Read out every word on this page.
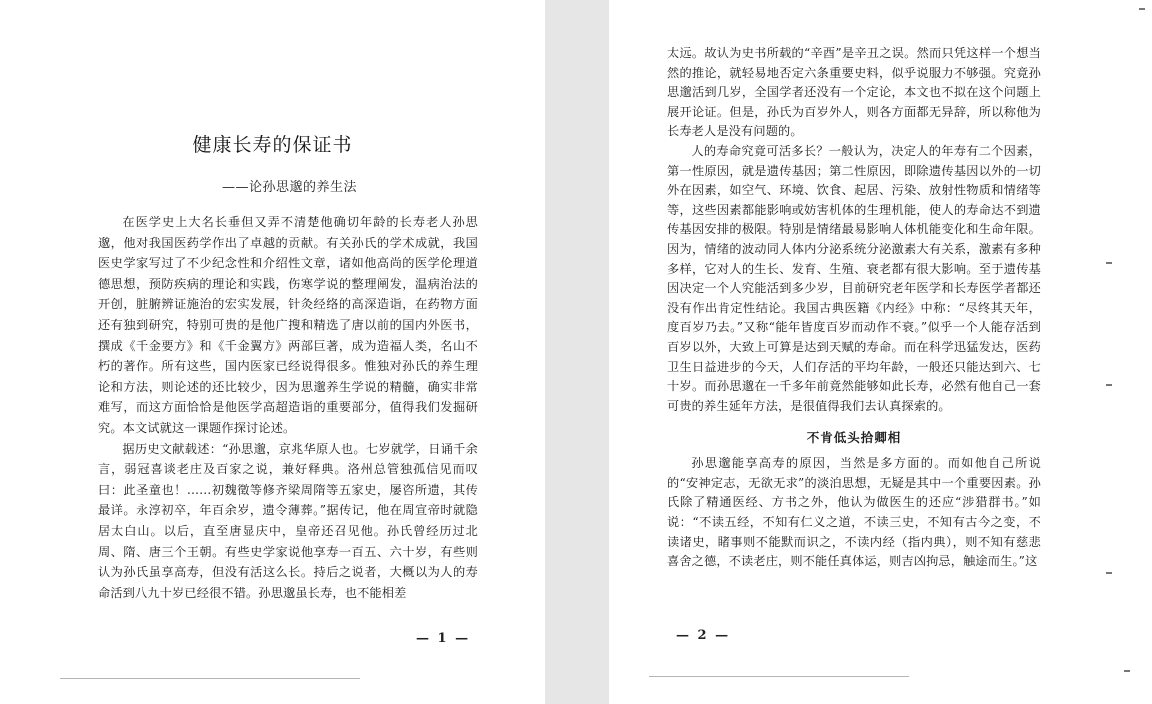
健康长寿的保证书
——论孙思邈的养生法

在医学史上大名长垂但又弄不清楚他确切年龄的长寿老人孙思邈，他对我国医药学作出了卓越的贡献。有关孙氏的学术成就，我国医史学家写过了不少纪念性和介绍性文章，诸如他高尚的医学伦理道德思想，预防疾病的理论和实践，伤寒学说的整理阐发，温病治法的开创，脏腑辨证施治的宏实发展，针灸经络的高深造诣，在药物方面还有独到研究，特别可贵的是他广搜和精选了唐以前的国内外医书，撰成《千金要方》和《千金翼方》两部巨著，成为造福人类，名山不朽的著作。所有这些，国内医家已经说得很多。惟独对孙氏的养生理论和方法，则论述的还比较少，因为思邈养生学说的精髓，确实非常难写，而这方面恰恰是他医学高超造诣的重要部分，值得我们发掘研究。本文试就这一课题作探讨论述。

据历史文献载述：“孙思邈，京兆华原人也。七岁就学，日诵千余言，弱冠喜谈老庄及百家之说，兼好释典。洛州总管独孤信见而叹曰：此圣童也！……初魏徵等修齐梁周隋等五家史，屡咨所遗，其传最详。永淳初卒，年百余岁，遗令薄葬。”据传记，他在周宣帝时就隐居太白山。以后，直至唐显庆中，皇帝还召见他。孙氏曾经历过北周、隋、唐三个王朝。有些史学家说他享寿一百五、六十岁，有些则认为孙氏虽享高寿，但没有活这么长。持后之说者，大概以为人的寿命活到八九十岁已经很不错。孙思邈虽长寿，也不能相差

— 1 —

太远。故认为史书所载的“辛酉”是辛丑之误。然而只凭这样一个想当然的推论，就轻易地否定六条重要史料，似乎说服力不够强。究竟孙思邈活到几岁，全国学者还没有一个定论，本文也不拟在这个问题上展开论证。但是，孙氏为百岁外人，则各方面都无异辞，所以称他为长寿老人是没有问题的。

人的寿命究竟可活多长？一般认为，决定人的年寿有二个因素，第一性原因，就是遗传基因；第二性原因，即除遗传基因以外的一切外在因素，如空气、环境、饮食、起居、污染、放射性物质和情绪等等，这些因素都能影响或妨害机体的生理机能，使人的寿命达不到遗传基因安排的极限。特别是情绪最易影响人体机能变化和生命年限。因为，情绪的波动同人体内分泌系统分泌激素大有关系，激素有多种多样，它对人的生长、发育、生殖、衰老都有很大影响。至于遗传基因决定一个人究能活到多少岁，目前研究老年医学和长寿医学者都还没有作出肯定性结论。我国古典医籍《内经》中称：“尽终其天年，度百岁乃去。”又称“能年皆度百岁而动作不衰。”似乎一个人能存活到百岁以外，大致上可算是达到天赋的寿命。而在科学迅猛发达，医药卫生日益进步的今天，人们存活的平均年龄，一般还只能达到六、七十岁。而孙思邈在一千多年前竟然能够如此长寿，必然有他自己一套可贵的养生延年方法，是很值得我们去认真探索的。

不肯低头拾卿相

孙思邈能享高寿的原因，当然是多方面的。而如他自己所说的“安神定志，无欲无求”的淡泊思想，无疑是其中一个重要因素。孙氏除了精通医经、方书之外，他认为做医生的还应“涉猎群书。”如说：“不读五经，不知有仁义之道，不读三史，不知有古今之变，不读诸史，睹事则不能默而识之，不读内经（指内典），则不知有慈悲喜舍之德，不读老庄，则不能任真体运，则吉凶拘忌，触途而生。”这

— 2 —
